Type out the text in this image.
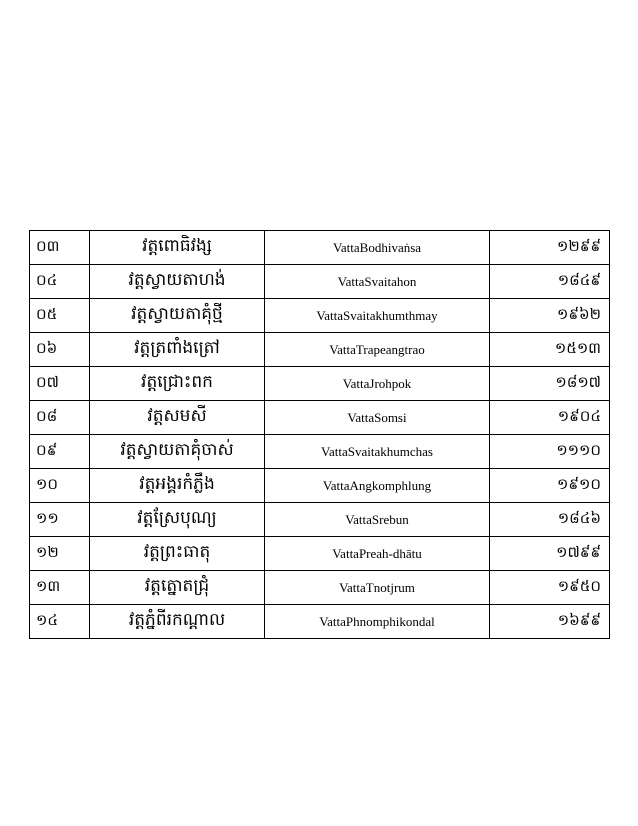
០៣	វត្តពោធិវង្ស	VattaBodhivaṅsa	១២៩៩
០៤	វត្តស្វាយតាហង់	VattaSvaitahon	១៨៤៩
០៥	វត្តស្វាយតាគុំថ្មី	VattaSvaitakhumthmay	១៩៦២
០៦	វត្តត្រពាំងត្រៅ	VattaTrapeangtrao	១៥១៣
០៧	វត្តជ្រោះពក	VattaJrohpok	១៨១៧
០៨	វត្តសមសី	VattaSomsi	១៩០៤
០៩	វត្តស្វាយតាគុំចាស់	VattaSvaitakhumchas	១១១០
១០	វត្តអង្គរកំភ្លឹង	VattaAngkomphlung	១៩១០
១១	វត្តស្រែបុណ្យ	VattaSrebun	១៨៤៦
១២	វត្តព្រះធាតុ	VattaPreah-dhātu	១៧៩៩
១៣	វត្តត្នោតជ្រុំ	VattaTnotjrum	១៩៥០
១៤	វត្តភ្នំពីរកណ្ដាល	VattaPhnomphikondal	១៦៩៩
